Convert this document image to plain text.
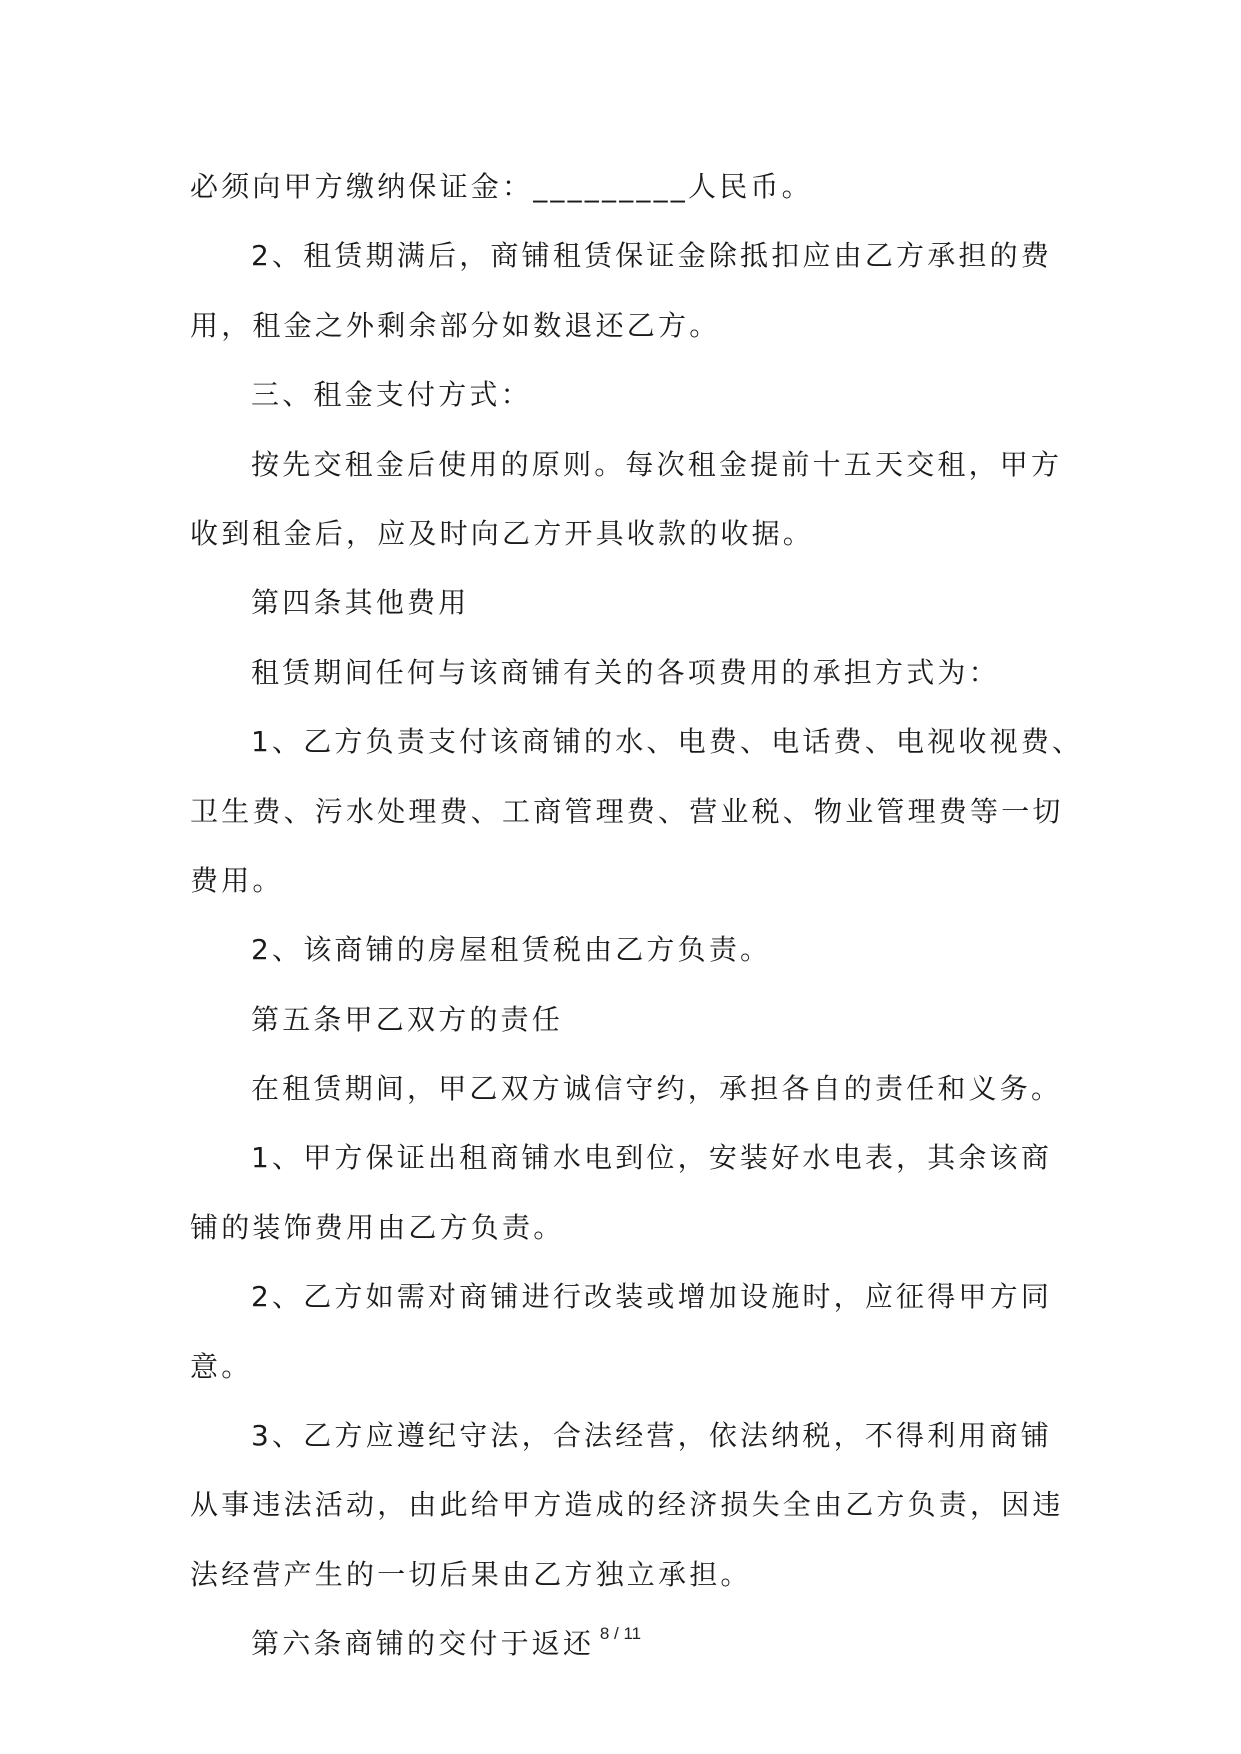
必须向甲方缴纳保证金：_________人民币。
2、租赁期满后，商铺租赁保证金除抵扣应由乙方承担的费
用，租金之外剩余部分如数退还乙方。
三、租金支付方式：
按先交租金后使用的原则。每次租金提前十五天交租，甲方
收到租金后，应及时向乙方开具收款的收据。
第四条其他费用
租赁期间任何与该商铺有关的各项费用的承担方式为：
1、乙方负责支付该商铺的水、电费、电话费、电视收视费、
卫生费、污水处理费、工商管理费、营业税、物业管理费等一切
费用。
2、该商铺的房屋租赁税由乙方负责。
第五条甲乙双方的责任
在租赁期间，甲乙双方诚信守约，承担各自的责任和义务。
1、甲方保证出租商铺水电到位，安装好水电表，其余该商
铺的装饰费用由乙方负责。
2、乙方如需对商铺进行改装或增加设施时，应征得甲方同
意。
3、乙方应遵纪守法，合法经营，依法纳税，不得利用商铺
从事违法活动，由此给甲方造成的经济损失全由乙方负责，因违
法经营产生的一切后果由乙方独立承担。
第六条商铺的交付于返还 8 / 11
